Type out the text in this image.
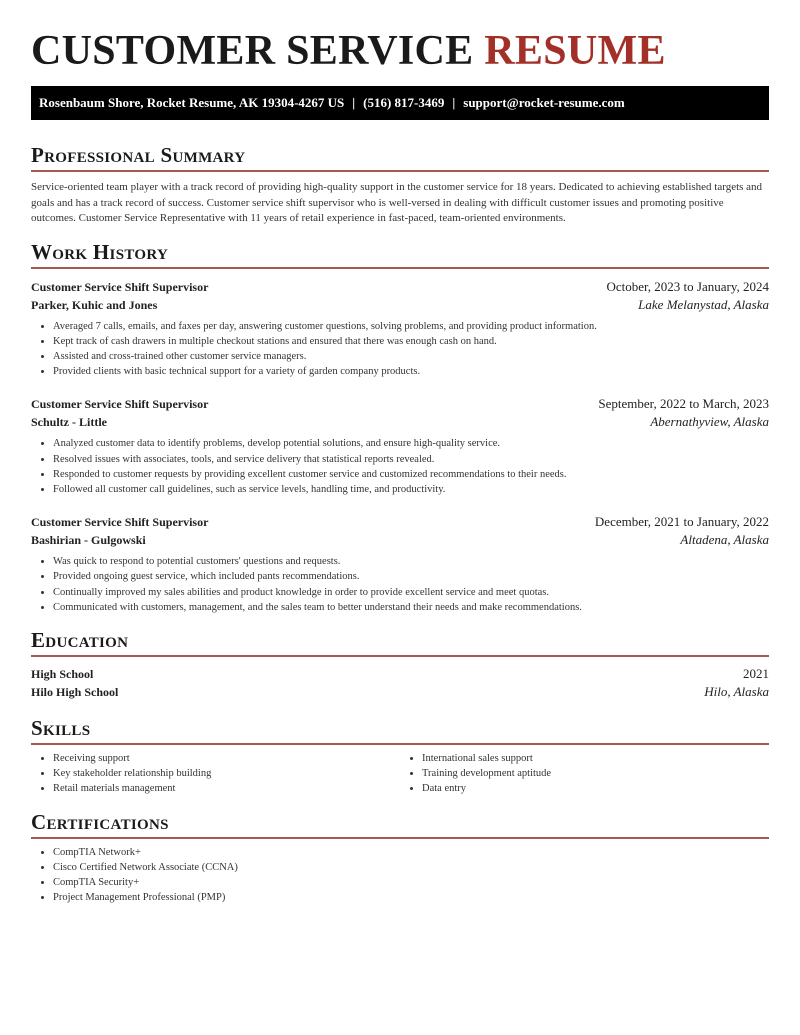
CUSTOMER SERVICE RESUME
Rosenbaum Shore, Rocket Resume, AK 19304-4267 US | (516) 817-3469 | support@rocket-resume.com
Professional Summary

Service-oriented team player with a track record of providing high-quality support in the customer service for 18 years. Dedicated to achieving established targets and goals and has a track record of success. Customer service shift supervisor who is well-versed in dealing with difficult customer issues and promoting positive outcomes. Customer Service Representative with 11 years of retail experience in fast-paced, team-oriented environments.

Work History
Customer Service Shift Supervisor	October, 2023 to January, 2024
Parker, Kuhic and Jones	Lake Melanystad, Alaska
• Averaged 7 calls, emails, and faxes per day, answering customer questions, solving problems, and providing product information.
• Kept track of cash drawers in multiple checkout stations and ensured that there was enough cash on hand.
• Assisted and cross-trained other customer service managers.
• Provided clients with basic technical support for a variety of garden company products.
Customer Service Shift Supervisor	September, 2022 to March, 2023
Schultz - Little	Abernathyview, Alaska
• Analyzed customer data to identify problems, develop potential solutions, and ensure high-quality service.
• Resolved issues with associates, tools, and service delivery that statistical reports revealed.
• Responded to customer requests by providing excellent customer service and customized recommendations to their needs.
• Followed all customer call guidelines, such as service levels, handling time, and productivity.
Customer Service Shift Supervisor	December, 2021 to January, 2022
Bashirian - Gulgowski	Altadena, Alaska
• Was quick to respond to potential customers' questions and requests.
• Provided ongoing guest service, which included pants recommendations.
• Continually improved my sales abilities and product knowledge in order to provide excellent service and meet quotas.
• Communicated with customers, management, and the sales team to better understand their needs and make recommendations.
Education
High School	2021
Hilo High School	Hilo, Alaska
Skills
• Receiving support
• Key stakeholder relationship building
• Retail materials management
• International sales support
• Training development aptitude
• Data entry
Certifications
• CompTIA Network+
• Cisco Certified Network Associate (CCNA)
• CompTIA Security+
• Project Management Professional (PMP)
